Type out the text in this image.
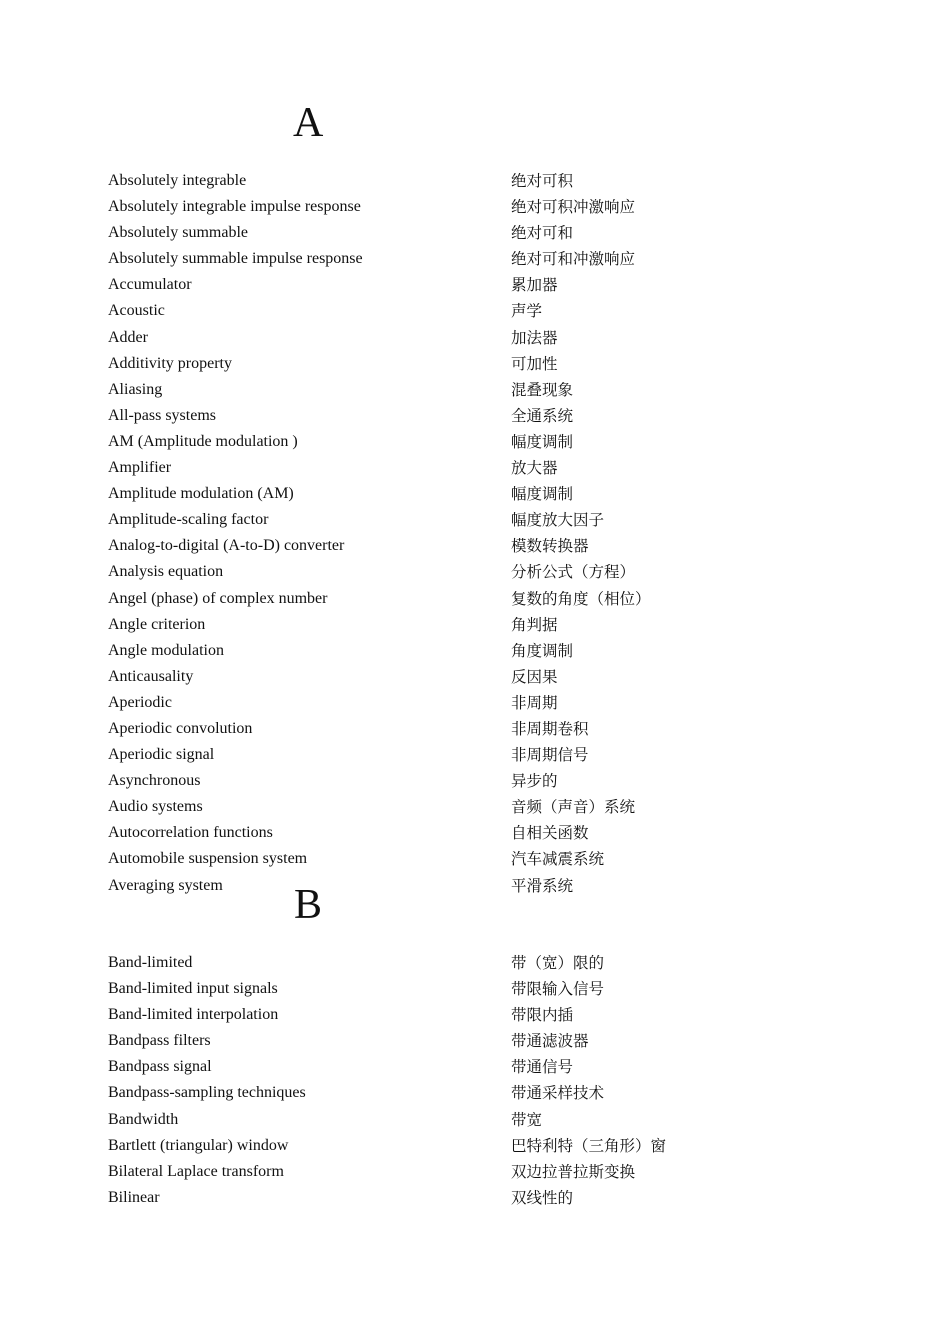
A
Absolutely integrable	绝对可积
Absolutely integrable impulse response	绝对可积冲激响应
Absolutely summable	绝对可和
Absolutely summable impulse response	绝对可和冲激响应
Accumulator	累加器
Acoustic	声学
Adder	加法器
Additivity property	可加性
Aliasing	混叠现象
All-pass systems	全通系统
AM (Amplitude modulation )	幅度调制
Amplifier	放大器
Amplitude modulation (AM)	幅度调制
Amplitude-scaling factor	幅度放大因子
Analog-to-digital (A-to-D) converter	模数转换器
Analysis equation	分析公式（方程）
Angel (phase) of complex number	复数的角度（相位）
Angle criterion	角判据
Angle modulation	角度调制
Anticausality	反因果
Aperiodic	非周期
Aperiodic convolution	非周期卷积
Aperiodic signal	非周期信号
Asynchronous	异步的
Audio systems	音频（声音）系统
Autocorrelation functions	自相关函数
Automobile suspension system	汽车减震系统
Averaging system	平滑系统
B
Band-limited	带（宽）限的
Band-limited input signals	带限输入信号
Band-limited interpolation	带限内插
Bandpass filters	带通滤波器
Bandpass signal	带通信号
Bandpass-sampling techniques	带通采样技术
Bandwidth	带宽
Bartlett (triangular) window	巴特利特（三角形）窗
Bilateral Laplace transform	双边拉普拉斯变换
Bilinear	双线性的
